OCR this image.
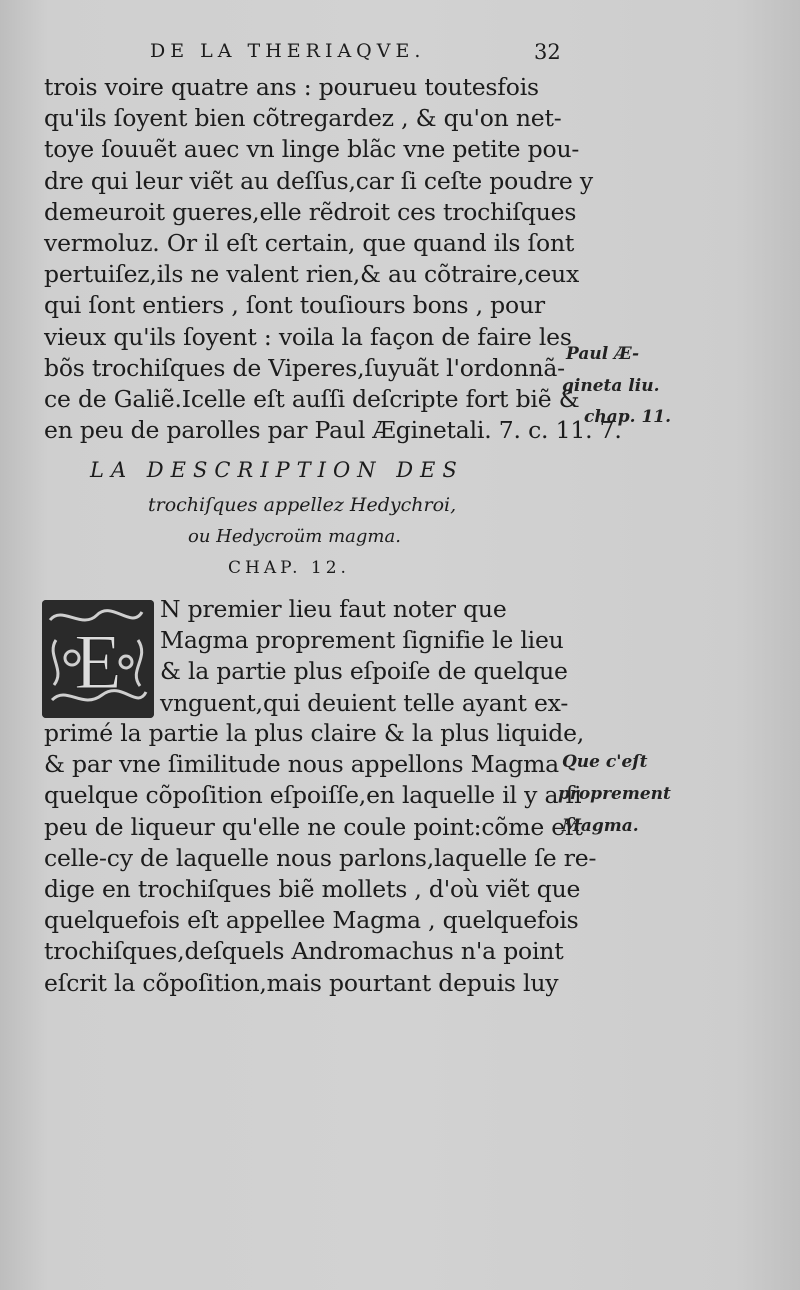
DE LA THERIAQVE.	32
trois voire quatre ans : pourueu toutesfois
qu'ils ſoyent bien cõtregardez , & qu'on net-
toye ſouuẽt auec vn linge blãc vne petite pou-
dre qui leur viẽt au deſſus,car ſi ceſte poudre y
demeuroit gueres,elle rẽdroit ces trochiſques
vermoluz. Or il eſt certain, que quand ils ſont
pertuiſez,ils ne valent rien,& au cõtraire,ceux
qui ſont entiers , ſont touſiours bons , pour
vieux qu'ils ſoyent : voila la façon de faire les
bõs trochiſques de Viperes,ſuyuãt l'ordonnã-
ce de Galiẽ.Icelle eſt auſſi deſcripte fort biẽ &
en peu de parolles par Paul Æginetali. 7. c. 11. 7.
Paul Æ-
gineta liu.
chap. 11.
LA DESCRIPTION DES
trochiſques appellez Hedychroi,
ou Hedycroüm magma.
CHAP. 12.
E
N premier lieu faut noter que
Magma proprement ſignifie le lieu
& la partie plus eſpoiſe de quelque
vnguent,qui deuient telle ayant ex-
primé la partie la plus claire & la plus liquide,
& par vne ſimilitude nous appellons Magma
quelque cõpoſition eſpoiſſe,en laquelle il y a ſi
peu de liqueur qu'elle ne coule point:cõme eſt
celle-cy de laquelle nous parlons,laquelle ſe re-
dige en trochiſques biẽ mollets , d'où viẽt que
quelquefois eſt appellee Magma , quelquefois
trochiſques,deſquels Andromachus n'a point
eſcrit la cõpoſition,mais pourtant depuis luy
Que c'eſt
proprement
Magma.
